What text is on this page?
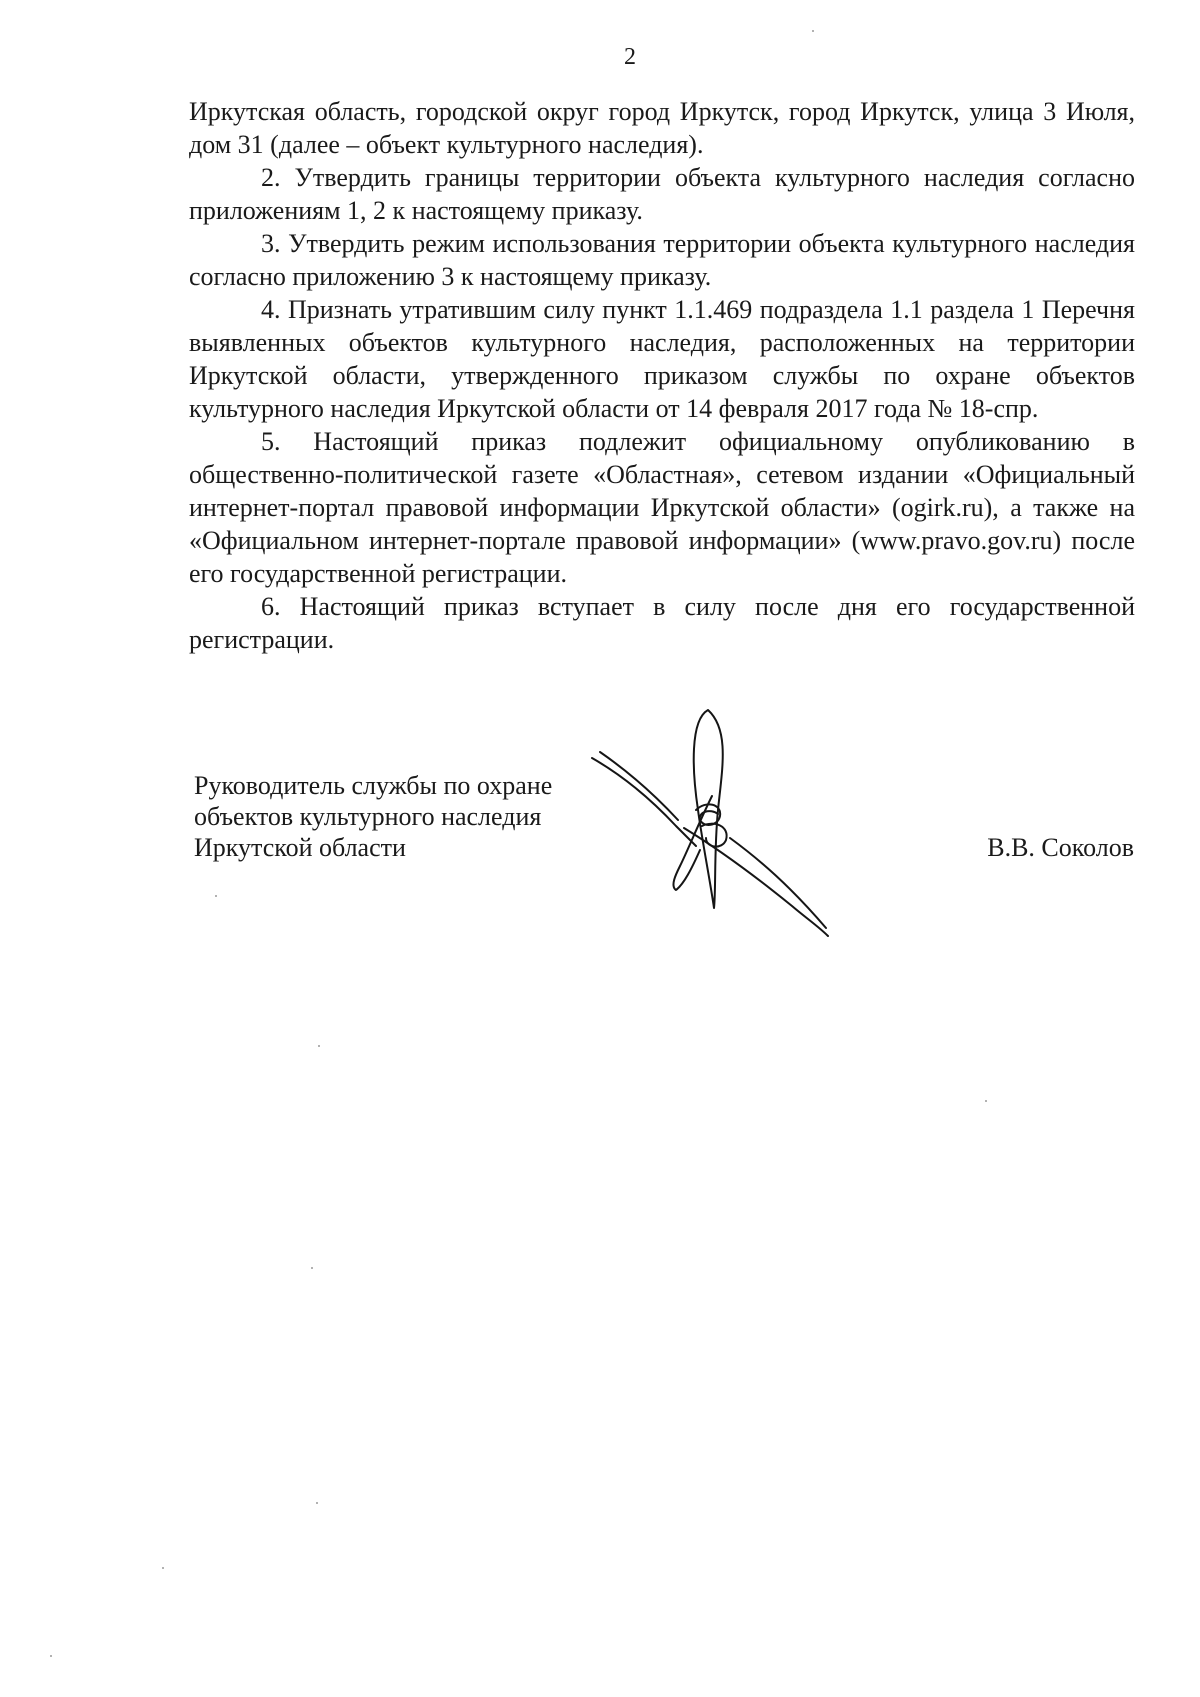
2

Иркутская область, городской округ город Иркутск, город Иркутск, улица 3 Июля, дом 31 (далее – объект культурного наследия).

2. Утвердить границы территории объекта культурного наследия согласно приложениям 1, 2 к настоящему приказу.

3. Утвердить режим использования территории объекта культурного наследия согласно приложению 3 к настоящему приказу.

4. Признать утратившим силу пункт 1.1.469 подраздела 1.1 раздела 1 Перечня выявленных объектов культурного наследия, расположенных на территории Иркутской области, утвержденного приказом службы по охране объектов культурного наследия Иркутской области от 14 февраля 2017 года № 18-спр.

5. Настоящий приказ подлежит официальному опубликованию в общественно-политической газете «Областная», сетевом издании «Официальный интернет-портал правовой информации Иркутской области» (ogirk.ru), а также на «Официальном интернет-портале правовой информации» (www.pravo.gov.ru) после его государственной регистрации.

6. Настоящий приказ вступает в силу после дня его государственной регистрации.

Руководитель службы по охране
объектов культурного наследия
Иркутской области	В.В. Соколов
